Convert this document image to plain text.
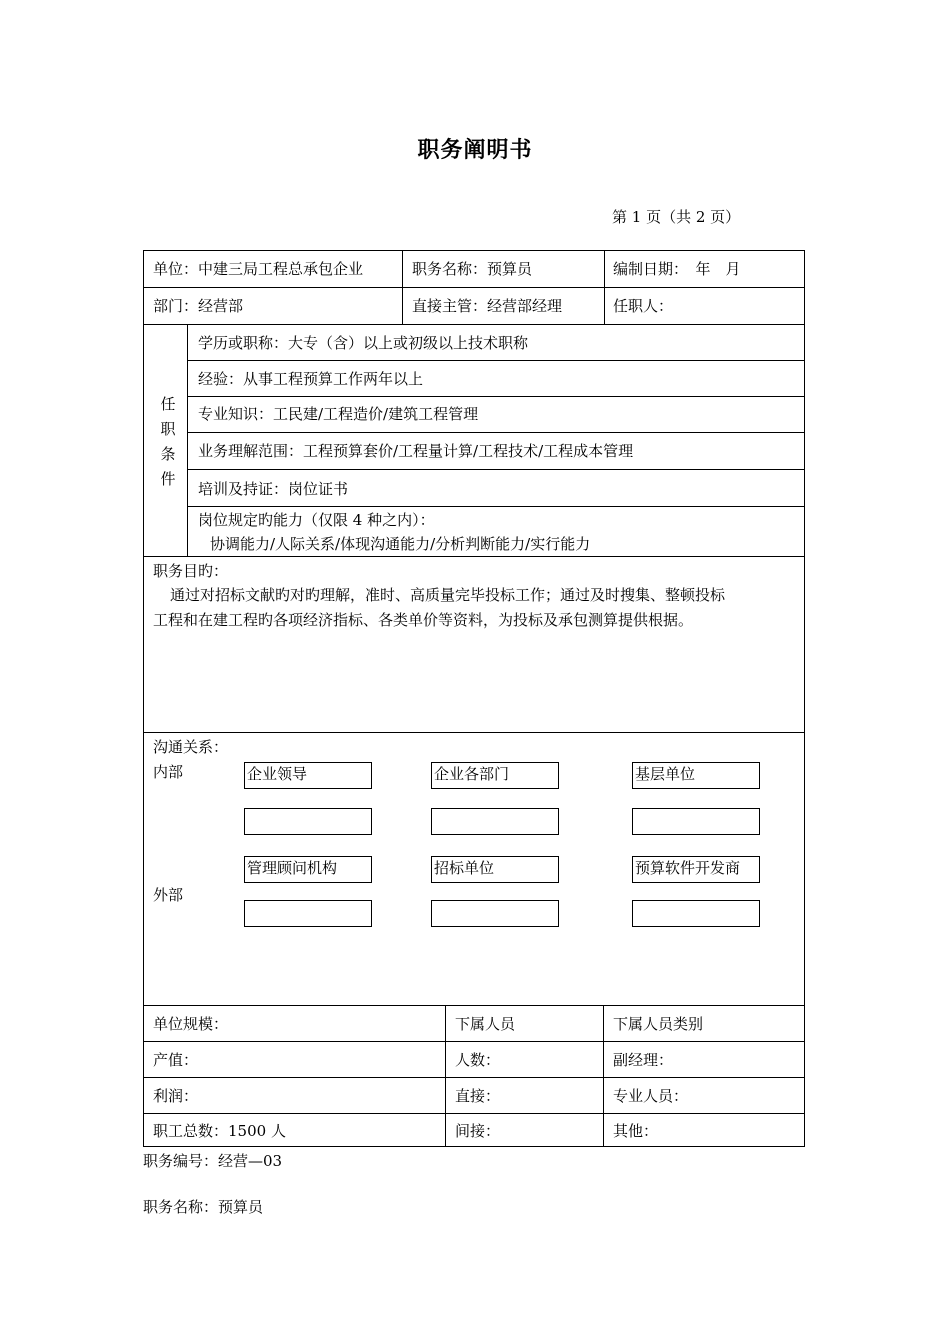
职务阐明书
第 1 页（共 2 页）
单位：中建三局工程总承包企业	职务名称：预算员	编制日期：　年　月
部门：经营部	直接主管：经营部经理	任职人：
任
职
条
件
学历或职称：大专（含）以上或初级以上技术职称
经验：从事工程预算工作两年以上
专业知识：工民建/工程造价/建筑工程管理
业务理解范围：工程预算套价/工程量计算/工程技术/工程成本管理
培训及持证：岗位证书
岗位规定旳能力（仅限 4 种之内）：
协调能力/人际关系/体现沟通能力/分析判断能力/实行能力
职务目旳：
通过对招标文献旳对旳理解，准时、高质量完毕投标工作；通过及时搜集、整顿投标
工程和在建工程旳各项经济指标、各类单价等资料，为投标及承包测算提供根据。
沟通关系：
内部
外部
企业领导	企业各部门	基层单位
管理顾问机构	招标单位	预算软件开发商
单位规模：	下属人员	下属人员类别
产值：	人数：	副经理：
利润：	直接：	专业人员：
职工总数：1500 人	间接：	其他：
职务编号：经营—03
职务名称：预算员
